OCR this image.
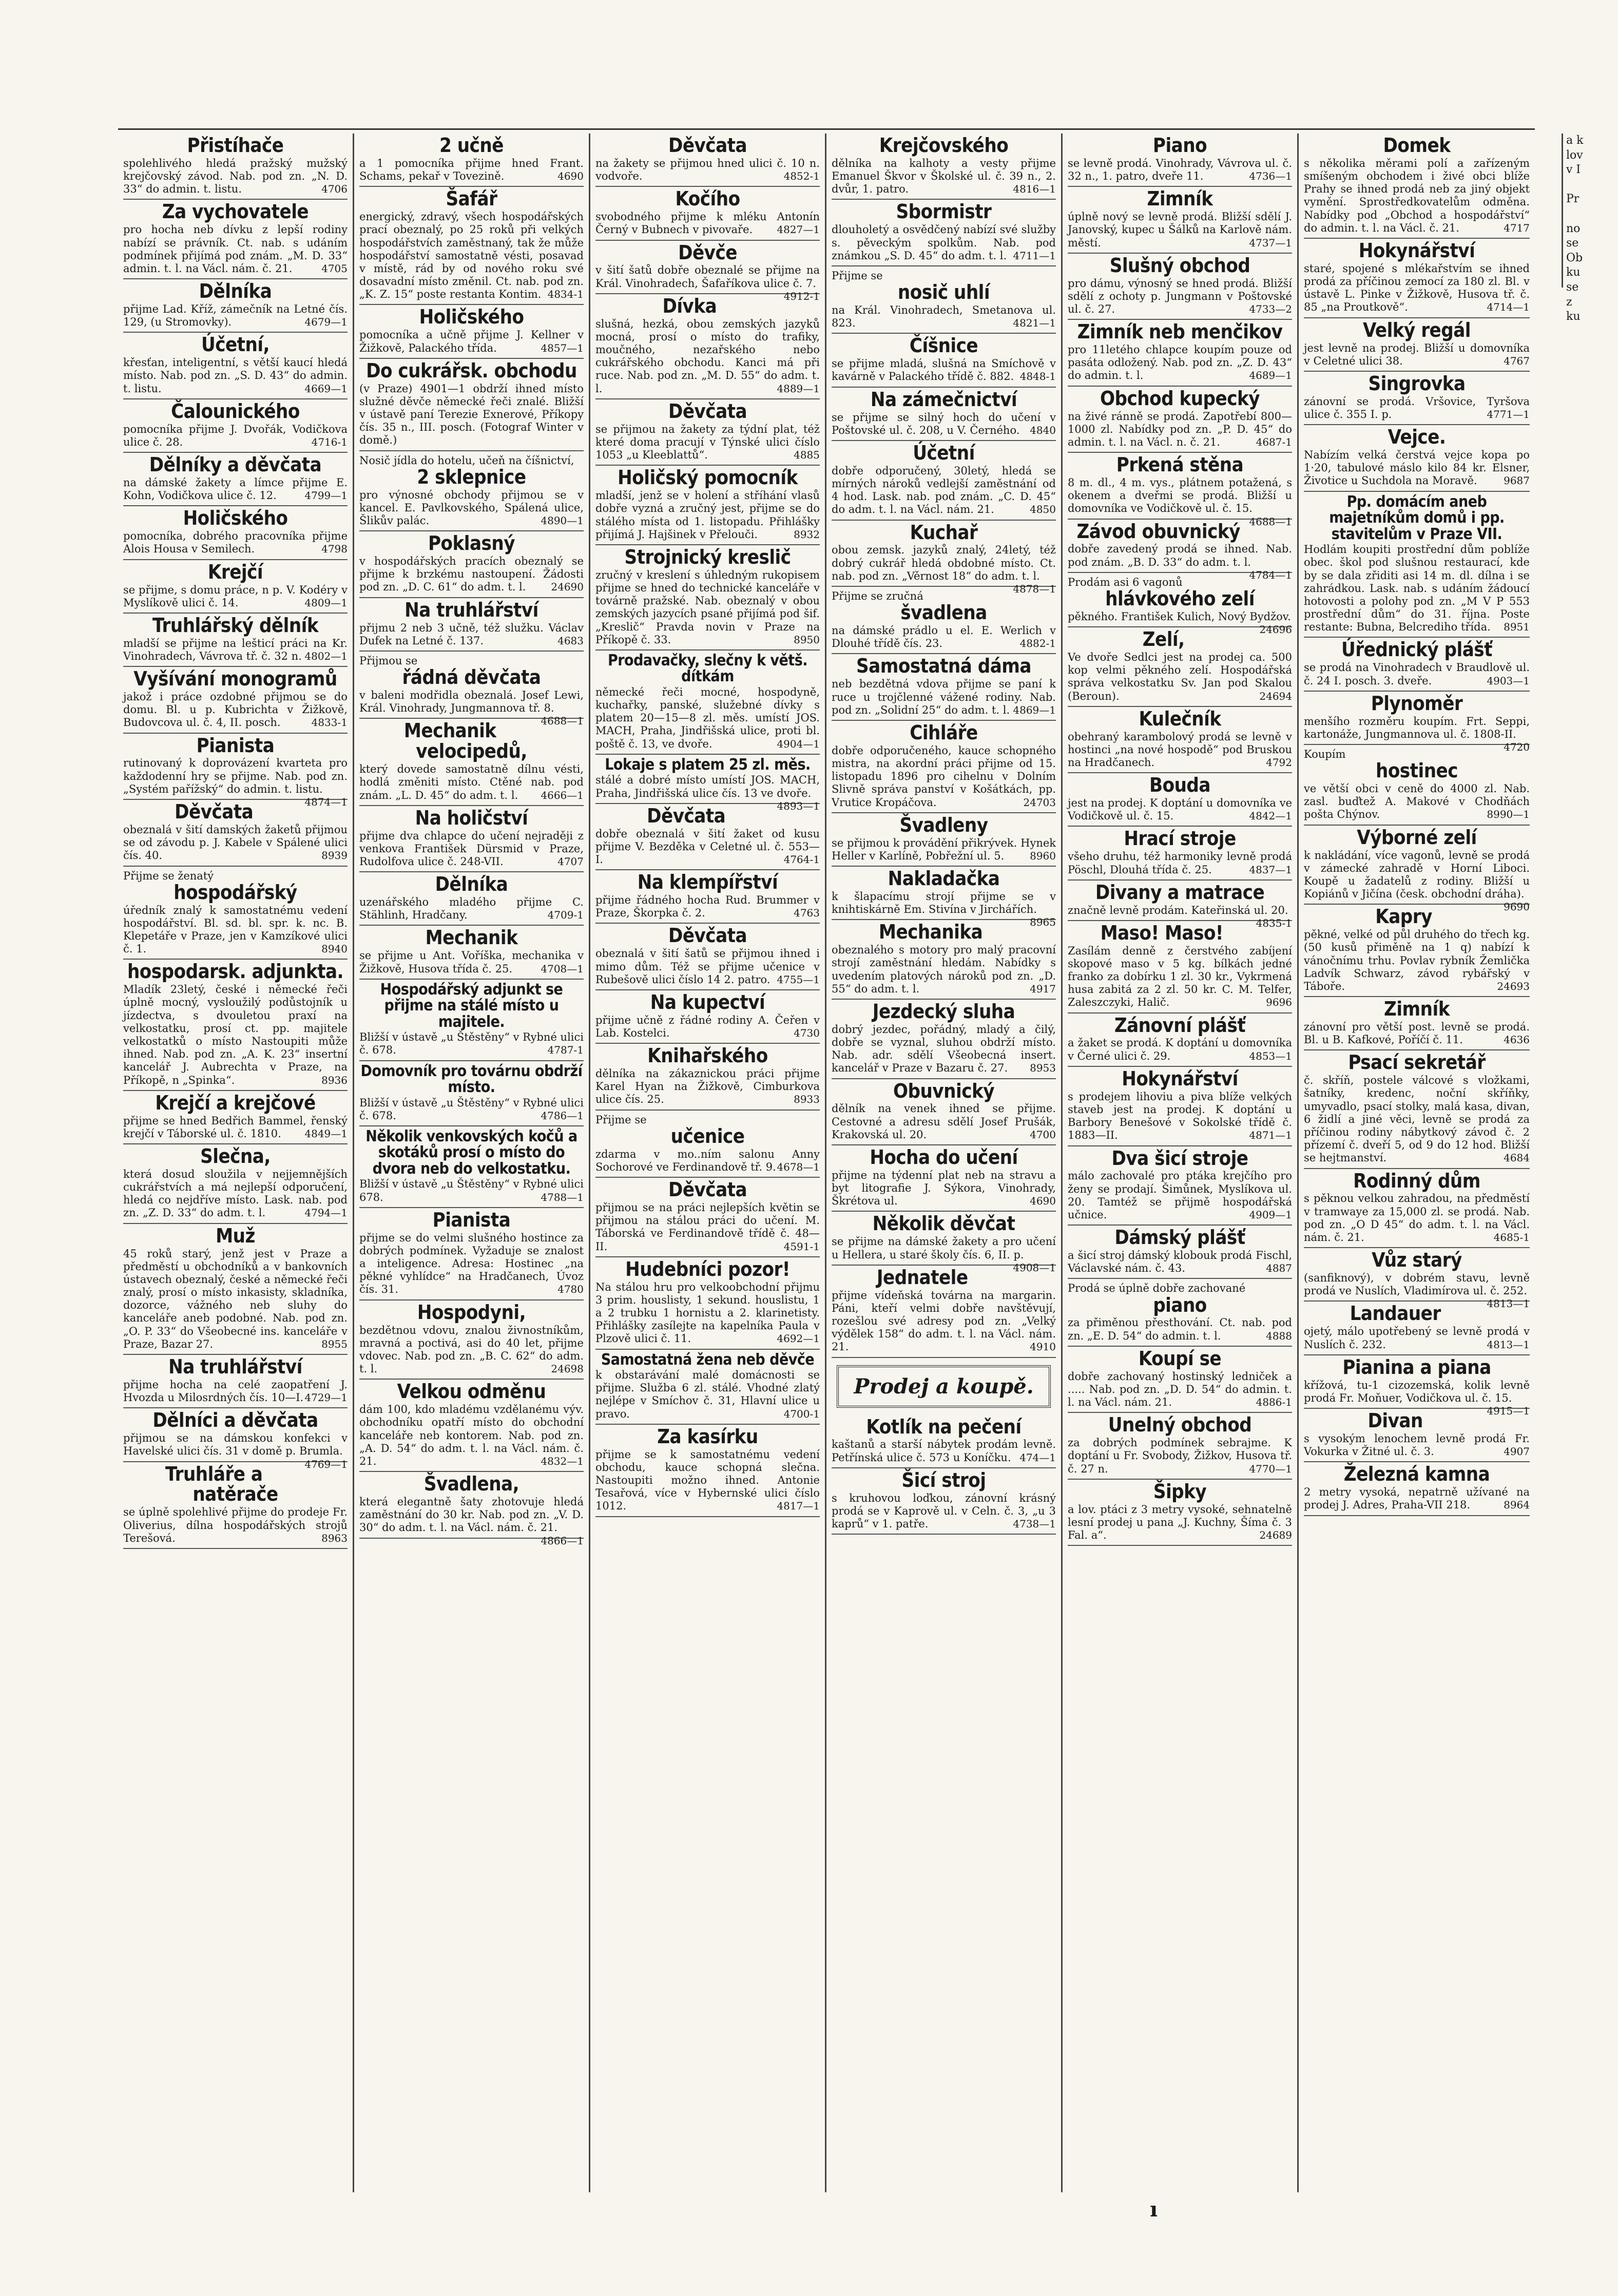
Přistíhače

spolehlivého hledá pražský mužský krejčovský závod. Nab. pod zn. „N. D. 33“ do admin. t. listu.	4706

Za vychovatele

pro hocha neb dívku z lepší rodiny nabízí se právník. Ct. nab. s udáním podmínek přijímá pod znám. „M. D. 33“ admin. t. l. na Václ. nám. č. 21.	4705

Dělníka

přijme Lad. Kříž, zámečník na Letné čís. 129, (u Stromovky).	4679—1

Účetní,

křesťan, inteligentní, s větší kaucí hledá místo. Nab. pod zn. „S. D. 43“ do admin. t. listu.	4669—1

Čalounického

pomocníka přijme J. Dvořák, Vodičkova ulice č. 28.	4716-1

Dělníky a děvčata

na dámské žakety a límce přijme E. Kohn, Vodičkova ulice č. 12.	4799—1

Holičského

pomocníka, dobrého pracovníka přijme Alois Housa v Semilech.	4798

Krejčí

se přijme, s domu práce, n p. V. Kodéry v Myslíkově ulici č. 14.	4809—1

Truhlářský dělník

mladší se přijme na lešticí práci na Kr. Vinohradech, Vávrova tř. č. 32 n. 4802—1

Vyšívání monogramů

jakož i práce ozdobné přijmou se do domu. Bl. u p. Kubrichta v Žižkově, Budovcova ul. č. 4, II. posch.	4833-1

Pianista

rutinovaný k doprovázení kvarteta pro každodenní hry se přijme. Nab. pod zn. „Systém pařížský“ do admin. t. listu.
4874—1

Děvčata

obeznalá v šití damských žaketů přijmou se od závodu p. J. Kabele v Spálené ulici čís. 40.	8939

Přijme se ženatý

hospodářský

úředník znalý k samostatnému vedení hospodářství. Bl. sd. bl. spr. k. nc. B. Klepetáře v Praze, jen v Kamzíkové ulici č. 1.	8940

hospodarsk. adjunkta.

Mladík 23letý, české i německé řeči úplně mocný, vysloužilý podůstojník u jízdectva, s dvouletou praxí na velkostatku, prosí ct. pp. majitele velkostatků o místo Nastoupiti může ihned. Nab. pod zn. „A. K. 23“ insertní kancelář J. Aubrechta v Praze, na Příkopě, n „Spinka“.	8936

Krejčí a krejčové

přijme se hned Bedřich Bammel, řenský krejčí v Táborské ul. č. 1810. 4849—1

Slečna,

která dosud sloužila v nejjemnějších cukrářstvích a má nejlepší odporučení, hledá co nejdříve místo. Lask. nab. pod zn. „Z. D. 33“ do adm. t. l.	4794—1

Muž

45 roků starý, jenž jest v Praze a předměstí u obchodníků a v bankovních ústavech obeznalý, české a německé řeči znalý, prosí o místo inkasisty, skladníka, dozorce, vážného neb sluhy do kanceláře aneb podobné. Nab. pod zn. „O. P. 33“ do Všeobecné ins. kanceláře v Praze, Bazar 27.	8955

Na truhlářství

přijme hocha na celé zaopatření J. Hvozda u Milosrdných čís. 10—I. 4729—1

Dělníci a děvčata

přijmou se na dámskou konfekci v Havelské ulici čís. 31 v domě p. Brumla.
4769—1

Truhláře a natěrače

se úplně spolehlivé přijme do prodeje Fr. Oliverius, dílna hospodářských strojů Terešová.	8963

2 učně

a 1 pomocníka přijme hned Frant. Schams, pekař v Tovezině.	4690

Šafář

energický, zdravý, všech hospodářských prací obeznalý, po 25 roků při velkých hospodářstvích zaměstnaný, tak že může hospodářství samostatně vésti, posavad v místě, rád by od nového roku své dosavadní místo změnil. Ct. nab. pod zn. „K. Z. 15“ poste restanta Kontim. 4834-1

Holičského

pomocníka a učně přijme J. Kellner v Žižkově, Palackého třída.	4857—1

Do cukrářsk. obchodu

(v Praze) 4901—1 obdrží ihned místo služné děvče německé řeči znalé. Bližší v ústavě paní Terezie Exnerové, Příkopy čís. 35 n., III. posch. (Fotograf Winter v domě.)

Nosič jídla do hotelu, učeň na číšnictví,

2 sklepnice

pro výnosné obchody přijmou se v kancel. E. Pavlkovského, Spálená ulice, Šlikův palác.	4890—1

Poklasný

v hospodářských pracích obeznalý se přijme k brzkému nastoupení. Žádosti pod zn. „D. C. 61“ do adm. t. l. 24690

Na truhlářství

přijmu 2 neb 3 učně, též služku. Václav Dufek na Letné č. 137.	4683

Přijmou se

řádná děvčata

v baleni modřidla obeznalá. Josef Lewi, Král. Vinohrady, Jungmannova tř. 8.
4688—1

Mechanik velocipedů,

který dovede samostatně dílnu vésti, hodlá změniti místo. Ctěné nab. pod znám. „L. D. 45“ do adm. t. l. 4666—1

Na holičství

přijme dva chlapce do učení nejraději z venkova František Dürsmid v Praze, Rudolfova ulice č. 248-VII.	4707

Dělníka

uzenářského mladého přijme C. Stählinh, Hradčany.	4709-1

Mechanik

se přijme u Ant. Voříška, mechanika v Žižkově, Husova třída č. 25.	4708—1

Hospodářský adjunkt se přijme na stálé místo u majitele.

Bližší v ústavě „u Štěstěny“ v Rybné ulici č. 678.	4787-1

Domovník pro továrnu obdrží místo.

Bližší v ústavě „u Štěstěny“ v Rybné ulici č. 678.	4786—1

Několik venkovských kočů a skotáků prosí o místo do dvora neb do velkostatku.

Bližší v ústavě „u Štěstěny“ v Rybné ulici 678.	4788—1

Pianista

přijme se do velmi slušného hostince za dobrých podmínek. Vyžaduje se znalost a inteligence. Adresa: Hostinec „na pěkné vyhlídce“ na Hradčanech, Úvoz čís. 31.	4780

Hospodyni,

bezdětnou vdovu, znalou živnostníkům, mravná a poctivá, asi do 40 let, přijme vdovec. Nab. pod zn. „B. C. 62“ do adm. t. l.	24698

Velkou odměnu

dám 100, kdo mladému vzdělanému výv. obchodníku opatří místo do obchodní kanceláře neb kontorem. Nab. pod zn. „A. D. 54“ do adm. t. l. na Václ. nám. č. 21.	4832—1

Švadlena,

která elegantně šaty zhotovuje hledá zaměstnání do 30 kr. Nab. pod zn. „V. D. 30“ do adm. t. l. na Václ. nám. č. 21.
4866—1

Děvčata

na žakety se přijmou hned ulici č. 10 n. vodvoře.	4852-1

Kočího

svobodného přijme k mléku Antonín Černý v Bubnech v pivovaře. 4827—1

Děvče

v šití šatů dobře obeznalé se přijme na Král. Vinohradech, Šafaříkova ulice č. 7.
4912-1

Dívka

slušná, hezká, obou zemských jazyků mocná, prosí o místo do trafiky, moučného, nezařského nebo cukrářského obchodu. Kanci má při ruce. Nab. pod zn. „M. D. 55“ do adm. t. l.	4889—1

Děvčata

se přijmou na žakety za týdní plat, též které doma pracují v Týnské ulici číslo 1053 „u Kleeblattů“.	4885

Holičský pomocník

mladší, jenž se v holení a stříhání vlasů dobře vyzná a zručný jest, přijme se do stálého místa od 1. listopadu. Přihlášky přijímá J. Hajšinek v Přelouči.	8932

Strojnický kreslič

zručný v kreslení s úhledným rukopisem přijme se hned do technické kanceláře v továrně pražské. Nab. obeznalý v obou zemských jazycích psané přijímá pod šif. „Kreslič“ Pravda novin v Praze na Příkopě č. 33.	8950

Prodavačky, slečny k větš. dítkám

německé řeči mocné, hospodyně, kuchařky, panské, služebné dívky s platem 20—15—8 zl. měs. umístí JOS. MACH, Praha, Jindřišská ulice, proti bl. poště č. 13, ve dvoře.	4904—1

Lokaje s platem 25 zl. měs.

stálé a dobré místo umístí JOS. MACH, Praha, Jindřišská ulice čís. 13 ve dvoře.
4893—1

Děvčata

dobře obeznalá v šití žaket od kusu přijme V. Bezděka v Celetné ul. č. 553—I.	4764-1

Na klempířství

přijme řádného hocha Rud. Brummer v Praze, Škorpka č. 2.	4763

Děvčata

obeznalá v šití šatů se přijmou ihned i mimo dům. Též se přijme učenice v Rubešově ulici číslo 14 2. patro. 4755—1

Na kupectví

přijme učně z řádné rodiny A. Čeřen v Lab. Kostelci.	4730

Knihařského

dělníka na zákaznickou práci přijme Karel Hyan na Žižkově, Cimburkova ulice čís. 25.	8933

Přijme se

učenice

zdarma v mo..ním salonu Anny Sochorové ve Ferdinandově tř. 9. 4678—1

Děvčata

přijmou se na práci nejlepších květin se přijmou na stálou práci do učení. M. Táborská ve Ferdinandově třídě č. 48—II.	4591-1

Hudebníci pozor!

Na stálou hru pro velkoobchodní přijmu 3 prim. houslisty, 1 sekund. houslistu, 1 a 2 trubku 1 hornistu a 2. klarinetisty. Přihlášky zasílejte na kapelníka Paula v Plzově ulici č. 11.	4692—1

Samostatná žena neb děvče

k obstarávání malé domácnosti se přijme. Služba 6 zl. stálé. Vhodné zlatý nejlépe v Smíchov č. 31, Hlavní ulice u pravo.	4700-1

Za kasírku

přijme se k samostatnému vedení obchodu, kauce schopná slečna. Nastoupiti možno ihned. Antonie Tesařová, více v Hybernské ulici číslo 1012.	4817—1

Krejčovského

dělníka na kalhoty a vesty přijme Emanuel Škvor v Školské ul. č. 39 n., 2. dvůr, 1. patro.	4816—1

Sbormistr

dlouholetý a osvědčený nabízí své služby s. pěveckým spolkům. Nab. pod známkou „S. D. 45“ do adm. t. l. 4711—1

Přijme se

nosič uhlí

na Král. Vinohradech, Smetanova ul. 823.	4821—1

Číšnice

se přijme mladá, slušná na Smíchově v kavárně v Palackého třídě č. 882. 4848-1

Na zámečnictví

se přijme se silný hoch do učení v Poštovské ul. č. 208, u V. Černého. 4840

Účetní

dobře odporučený, 30letý, hledá se mírných nároků vedlejší zaměstnání od 4 hod. Lask. nab. pod znám. „C. D. 45“ do adm. t. l. na Václ. nám. 21.	4850

Kuchař

obou zemsk. jazyků znalý, 24letý, též dobrý cukrář hledá obdobné místo. Ct. nab. pod zn. „Věrnost 18“ do adm. t. l.
4878—1

Přijme se zručná

švadlena

na dámské prádlo u el. E. Werlich v Dlouhé třídě čís. 23.	4882-1

Samostatná dáma

neb bezdětná vdova přijme se paní k ruce u trojčlenné vážené rodiny. Nab. pod zn. „Solidní 25“ do adm. t. l. 4869—1

Cihláře

dobře odporučeného, kauce schopného mistra, na akordní práci přijme od 15. listopadu 1896 pro cihelnu v Dolním Slivně správa panství v Košátkách, pp. Vrutice Kropáčova.	24703

Švadleny

se přijmou k provádění přikrývek. Hynek Heller v Karlíně, Pobřežní ul. 5. 8960

Nakladačka

k šlapacímu strojí přijme se v knihtiskárně Em. Stivína v Jirchářích.
8965

Mechanika

obeznalého s motory pro malý pracovní strojí zaměstnání hledám. Nabídky s uvedením platových nároků pod zn. „D. 55“ do adm. t. l.	4917

Jezdecký sluha

dobrý jezdec, pořádný, mladý a čilý, dobře se vyznal, sluhou obdrží místo. Nab. adr. sdělí Všeobecná insert. kancelář v Praze v Bazaru č. 27. 8953

Obuvnický

dělník na venek ihned se přijme. Cestovné a adresu sdělí Josef Prušák, Krakovská ul. 20.	4700

Hocha do učení

přijme na týdenní plat neb na stravu a byt litografie J. Sýkora, Vinohrady, Škrétova ul.	4690

Několik děvčat

se přijme na dámské žakety a pro učení u Hellera, u staré školy čís. 6, II. p.
4908—1

Jednatele

přijme vídeňská továrna na margarin. Páni, kteří velmi dobře navštěvují, rozešlou své adresy pod zn. „Velký výdělek 158“ do adm. t. l. na Václ. nám. 21.	4910

Prodej a koupě.
Kotlík na pečení

kaštanů a starší nábytek prodám levně. Petřínská ulice č. 573 u Koníčku. 474—1

Šicí stroj

s kruhovou loďkou, zánovní krásný prodá se v Kaprově ul. v Celn. č. 3, „u 3 kaprů“ v 1. patře.	4738—1

Piano

se levně prodá. Vinohrady, Vávrova ul. č. 32 n., 1. patro, dveře 11.	4736—1

Zimník

úplně nový se levně prodá. Bližší sdělí J. Janovský, kupec u Šálků na Karlově nám. městí.	4737—1

Slušný obchod

pro dámu, výnosný se hned prodá. Bližší sdělí z ochoty p. Jungmann v Poštovské ul. č. 27.	4733—2

Zimník neb menčikov

pro 11letého chlapce koupím pouze od pasáta odložený. Nab. pod zn. „Z. D. 43“ do admin. t. l.	4689—1

Obchod kupecký

na živé ránně se prodá. Zapotřebí 800—1000 zl. Nabídky pod zn. „P. D. 45“ do admin. t. l. na Václ. n. č. 21.	4687-1

Prkená stěna

8 m. dl., 4 m. vys., plátnem potažená, s okenem a dveřmi se prodá. Bližší u domovníka ve Vodičkově ul. č. 15.
4688—1

Závod obuvnický

dobře zavedený prodá se ihned. Nab. pod znám. „B. D. 33“ do adm. t. l.
4784—1

Prodám asi 6 vagonů

hlávkového zelí

pěkného. František Kulich, Nový Bydžov.
24696

Zelí,

Ve dvoře Sedlci jest na prodej ca. 500 kop velmi pěkného zelí. Hospodářská správa velkostatku Sv. Jan pod Skalou (Beroun).	24694

Kulečník

obehraný karambolový prodá se levně v hostinci „na nové hospodě“ pod Bruskou na Hradčanech.	4792

Bouda

jest na prodej. K doptání u domovníka ve Vodičkově ul. č. 15.	4842—1

Hrací stroje

všeho druhu, též harmoniky levně prodá Pöschl, Dlouhá třída č. 25.	4837—1

Divany a matrace

značně levně prodám. Kateřinská ul. 20.
4835-1

Maso! Maso!

Zasílám denně z čerstvého zabíjení skopové maso v 5 kg. bílkách jedné franko za dobírku 1 zl. 30 kr., Vykrmená husa zabitá za 2 zl. 50 kr. C. M. Telfer, Zaleszczyki, Halič.	9696

Zánovní plášť

a žaket se prodá. K doptání u domovníka v Černé ulici č. 29.	4853—1

Hokynářství

s prodejem lihoviu a piva blíže velkých staveb jest na prodej. K doptání u Barbory Benešové v Sokolské třídě č. 1883—II.	4871—1

Dva šicí stroje

málo zachovalé pro ptáka krejčího pro ženy se prodají. Šimůnek, Myslíkova ul. 20. Tamtéž se přijmě hospodářská učnice.	4909—1

Dámský plášť

a šicí stroj dámský klobouk prodá Fischl, Václavské nám. č. 43.	4887

Prodá se úplně dobře zachované

piano

za přiměnou přesthování. Ct. nab. pod zn. „E. D. 54“ do admin. t. l.	4888

Koupí se

dobře zachovaný hostinský ledniček a ..... Nab. pod zn. „D. D. 54“ do admin. t. l. na Václ. nám. 21.	4886-1

Unelný obchod

za dobrých podmínek sebrajme. K doptání u Fr. Svobody, Žižkov, Husova tř. č. 27 n.	4770—1

Šipky

a lov. ptáci z 3 metry vysoké, sehnatelně lesní prodej u pana „J. Kuchny, Šíma č. 3 Fal. a“.	24689

Domek

s několika měrami polí a zařízeným smíšeným obchodem i živé obci blíže Prahy se ihned prodá neb za jiný objekt vymění. Sprostředkovatelům odměna. Nabídky pod „Obchod a hospodářství“ do admin. t. l. na Václ. č. 21.	4717

Hokynářství

staré, spojené s mlékařstvím se ihned prodá za příčinou zemocí za 180 zl. Bl. v ústavě L. Pinke v Žižkově, Husova tř. č. 85 „na Proutkově“.	4714—1

Velký regál

jest levně na prodej. Bližší u domovníka v Celetné ulici 38.	4767

Singrovka

zánovní se prodá. Vršovice, Tyršova ulice č. 355 I. p.	4771—1

Vejce.

Nabízím velká čerstvá vejce kopa po 1·20, tabulové máslo kilo 84 kr. Elsner, Životice u Suchdola na Moravě.	9687

Pp. domácím aneb majetníkům domů i pp. stavitelům v Praze VII.

Hodlám koupiti prostřední dům poblíže obec. škol pod slušnou restaurací, kde by se dala zřiditi asi 14 m. dl. dílna i se zahrádkou. Lask. nab. s udáním žádoucí hotovosti a polohy pod zn. „M V P 553 prostřední dům“ do 31. října. Poste restante: Bubna, Belcrediho třída. 8951

Úřednický plášť

se prodá na Vinohradech v Braudlově ul. č. 24 I. posch. 3. dveře.	4903—1

Plynoměr

menšího rozměru koupím. Frt. Seppi, kartonáže, Jungmannova ul. č. 1808-II.
4720

Koupím

hostinec

ve větší obci v ceně do 4000 zl. Nab. zasl. buďtež A. Makové v Chodňách pošta Chýnov.	8990—1

Výborné zelí

k nakládání, více vagonů, levně se prodá v zámecké zahradě v Horní Liboci. Koupě u žadatelů z rodiny. Bližší u Kopiánů v Jičína (česk. obchodní dráha).
9690

Kapry

pěkné, velké od půl druhého do třech kg. (50 kusů přiměně na 1 q) nabízí k vánočnímu trhu. Povlav rybník Žemlička Ladvík Schwarz, závod rybářský v Táboře.	24693

Zimník

zánovní pro větší post. levně se prodá. Bl. u B. Kafkové, Poříčí č. 11.	4636

Psací sekretář

č. skříň, postele válcové s vložkami, šatníky, kredenc, noční skříňky, umyvadlo, psací stolky, malá kasa, divan, 6 židlí a jiné věci, levně se prodá za příčinou rodiny nábytkový závod č. 2 přízemí č. dveří 5, od 9 do 12 hod. Bližší se hejtmanství.	4684

Rodinný dům

s pěknou velkou zahradou, na předměstí v tramwaye za 15,000 zl. se prodá. Nab. pod zn. „O D 45“ do adm. t. l. na Václ. nám. č. 21.	4685-1

Vůz starý

(sanfiknový), v dobrém stavu, levně prodá ve Nuslích, Vladimírova ul. č. 252.
4813—1

Landauer

ojetý, málo upotřebený se levně prodá v Nuslích č. 232.	4813—1

Pianina a piana

křížová, tu-1 cizozemská, kolik levně prodá Fr. Moňuer, Vodičkova ul. č. 15.
4915—1

Divan

s vysokým lenochem levně prodá Fr. Vokurka v Žitné ul. č. 3.	4907

Železná kamna

2 metry vysoká, nepatrně užívané na prodej J. Adres, Praha-VII 218.	8964

a k
lov
v I

Pr

no
se
Ob
ku
se
z
ku
ı
